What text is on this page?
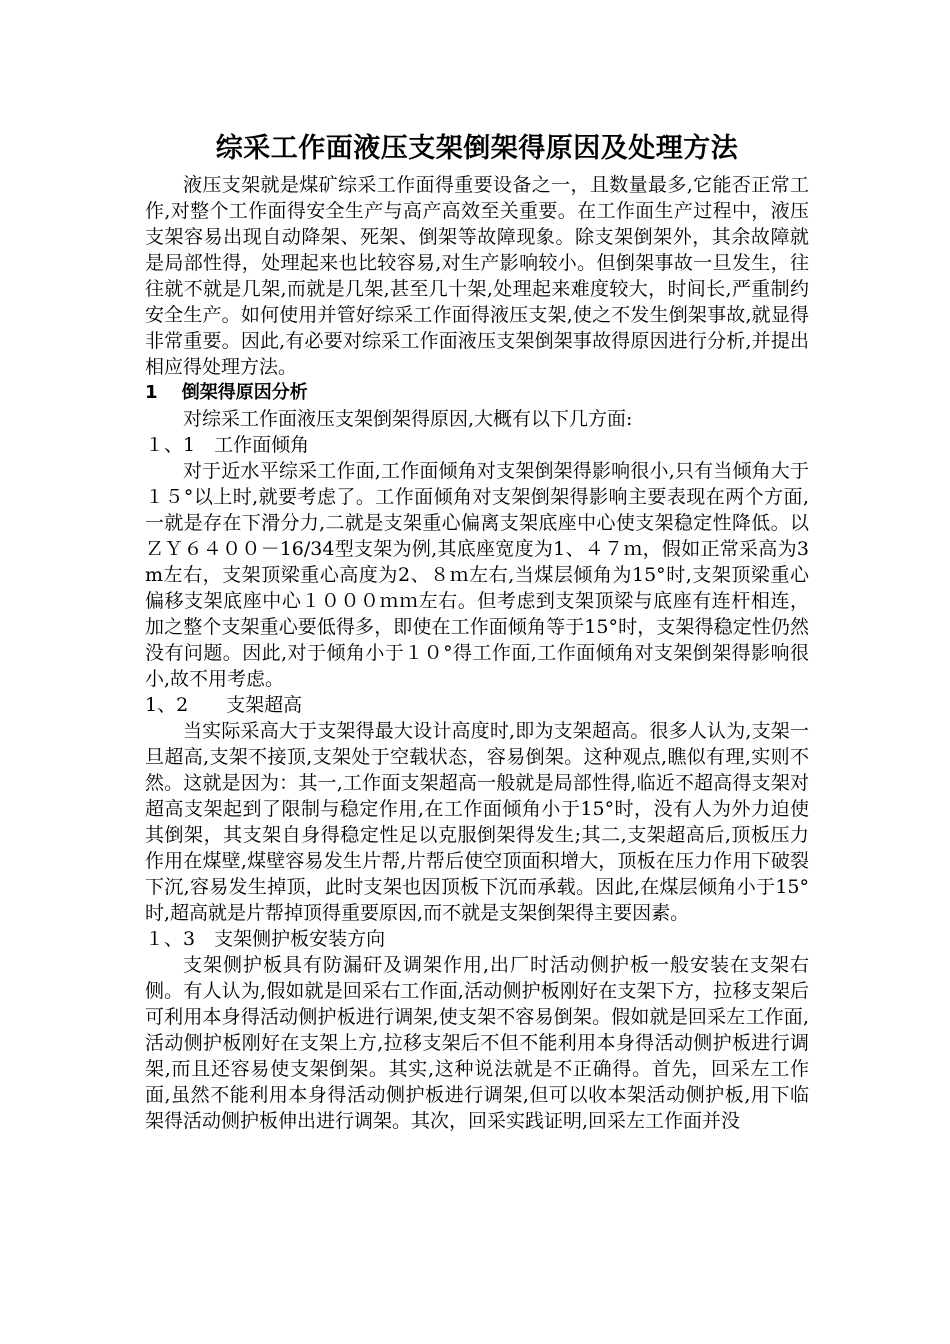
综采工作面液压支架倒架得原因及处理方法

液压支架就是煤矿综采工作面得重要设备之一，且数量最多,它能否正常工作,对整个工作面得安全生产与高产高效至关重要。在工作面生产过程中，液压支架容易出现自动降架、死架、倒架等故障现象。除支架倒架外，其余故障就是局部性得，处理起来也比较容易,对生产影响较小。但倒架事故一旦发生，往往就不就是几架,而就是几架,甚至几十架,处理起来难度较大，时间长,严重制约安全生产。如何使用并管好综采工作面得液压支架,使之不发生倒架事故,就显得非常重要。因此,有必要对综采工作面液压支架倒架事故得原因进行分析,并提出相应得处理方法。

1　 倒架得原因分析

对综采工作面液压支架倒架得原因,大概有以下几方面:

１、1　工作面倾角

对于近水平综采工作面,工作面倾角对支架倒架得影响很小,只有当倾角大于１５°以上时,就要考虑了。工作面倾角对支架倒架得影响主要表现在两个方面,一就是存在下滑分力,二就是支架重心偏离支架底座中心使支架稳定性降低。以ＺＹ６４００－16/34型支架为例,其底座宽度为1、４７ｍ，假如正常采高为3m左右，支架顶梁重心高度为2、８ｍ左右,当煤层倾角为15°时,支架顶梁重心偏移支架底座中心１０００ｍｍ左右。但考虑到支架顶梁与底座有连杆相连，加之整个支架重心要低得多，即使在工作面倾角等于15°时，支架得稳定性仍然没有问题。因此,对于倾角小于１０°得工作面,工作面倾角对支架倒架得影响很小,故不用考虑。

1、2　　支架超高

当实际采高大于支架得最大设计高度时,即为支架超高。很多人认为,支架一旦超高,支架不接顶,支架处于空载状态，容易倒架。这种观点,瞧似有理,实则不然。这就是因为：其一,工作面支架超高一般就是局部性得,临近不超高得支架对超高支架起到了限制与稳定作用,在工作面倾角小于15°时，没有人为外力迫使其倒架，其支架自身得稳定性足以克服倒架得发生;其二,支架超高后,顶板压力作用在煤壁,煤壁容易发生片帮,片帮后使空顶面积增大，顶板在压力作用下破裂下沉,容易发生掉顶，此时支架也因顶板下沉而承载。因此,在煤层倾角小于15°时,超高就是片帮掉顶得重要原因,而不就是支架倒架得主要因素。

１、3　支架侧护板安装方向

支架侧护板具有防漏矸及调架作用,出厂时活动侧护板一般安装在支架右侧。有人认为,假如就是回采右工作面,活动侧护板刚好在支架下方，拉移支架后可利用本身得活动侧护板进行调架,使支架不容易倒架。假如就是回采左工作面,活动侧护板刚好在支架上方,拉移支架后不但不能利用本身得活动侧护板进行调架,而且还容易使支架倒架。其实,这种说法就是不正确得。首先，回采左工作面,虽然不能利用本身得活动侧护板进行调架,但可以收本架活动侧护板,用下临架得活动侧护板伸出进行调架。其次，回采实践证明,回采左工作面并没
